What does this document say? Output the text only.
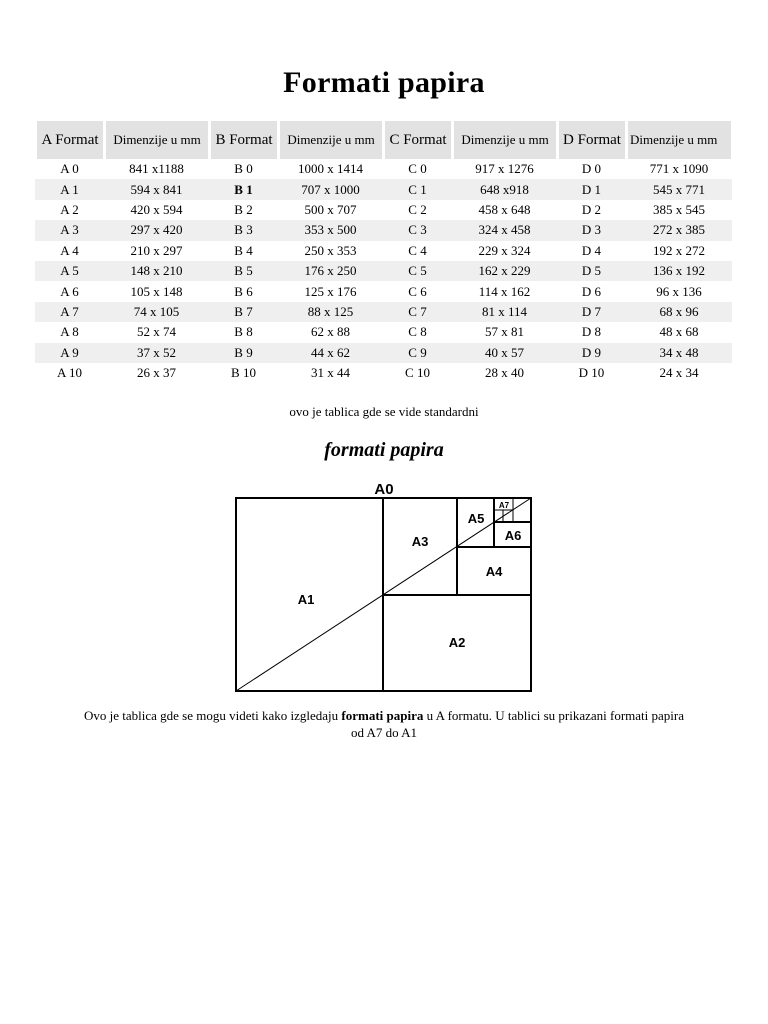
Formati papira
A Format	Dimenzije u mm	B Format	Dimenzije u mm	C Format	Dimenzije u mm	D Format	Dimenzije u mm
A 0	841 x1188	B 0	1000 x 1414	C 0	917 x 1276	D 0	771 x 1090
A 1	594 x 841	B 1	707 x 1000	C 1	648 x918	D 1	545 x 771
A 2	420 x 594	B 2	500 x 707	C 2	458 x 648	D 2	385 x 545
A 3	297 x 420	B 3	353 x 500	C 3	324 x 458	D 3	272 x 385
A 4	210 x 297	B 4	250 x 353	C 4	229 x 324	D 4	192 x 272
A 5	148 x 210	B 5	176 x 250	C 5	162 x 229	D 5	136 x 192
A 6	105 x 148	B 6	125 x 176	C 6	114 x 162	D 6	96 x 136
A 7	74 x 105	B 7	88 x 125	C 7	81 x 114	D 7	68 x 96
A 8	52 x 74	B 8	62 x 88	C 8	57 x 81	D 8	48 x 68
A 9	37 x 52	B 9	44 x 62	C 9	40 x 57	D 9	34 x 48
A 10	26 x 37	B 10	31 x 44	C 10	28 x 40	D 10	24 x 34
ovo je tablica gde se vide standardni
formati papira
A0
A1
A2
A3
A4
A5
A6
A7
Ovo je tablica gde se mogu videti kako izgledaju formati papira u A formatu. U tablici su prikazani formati papira od A7 do A1
